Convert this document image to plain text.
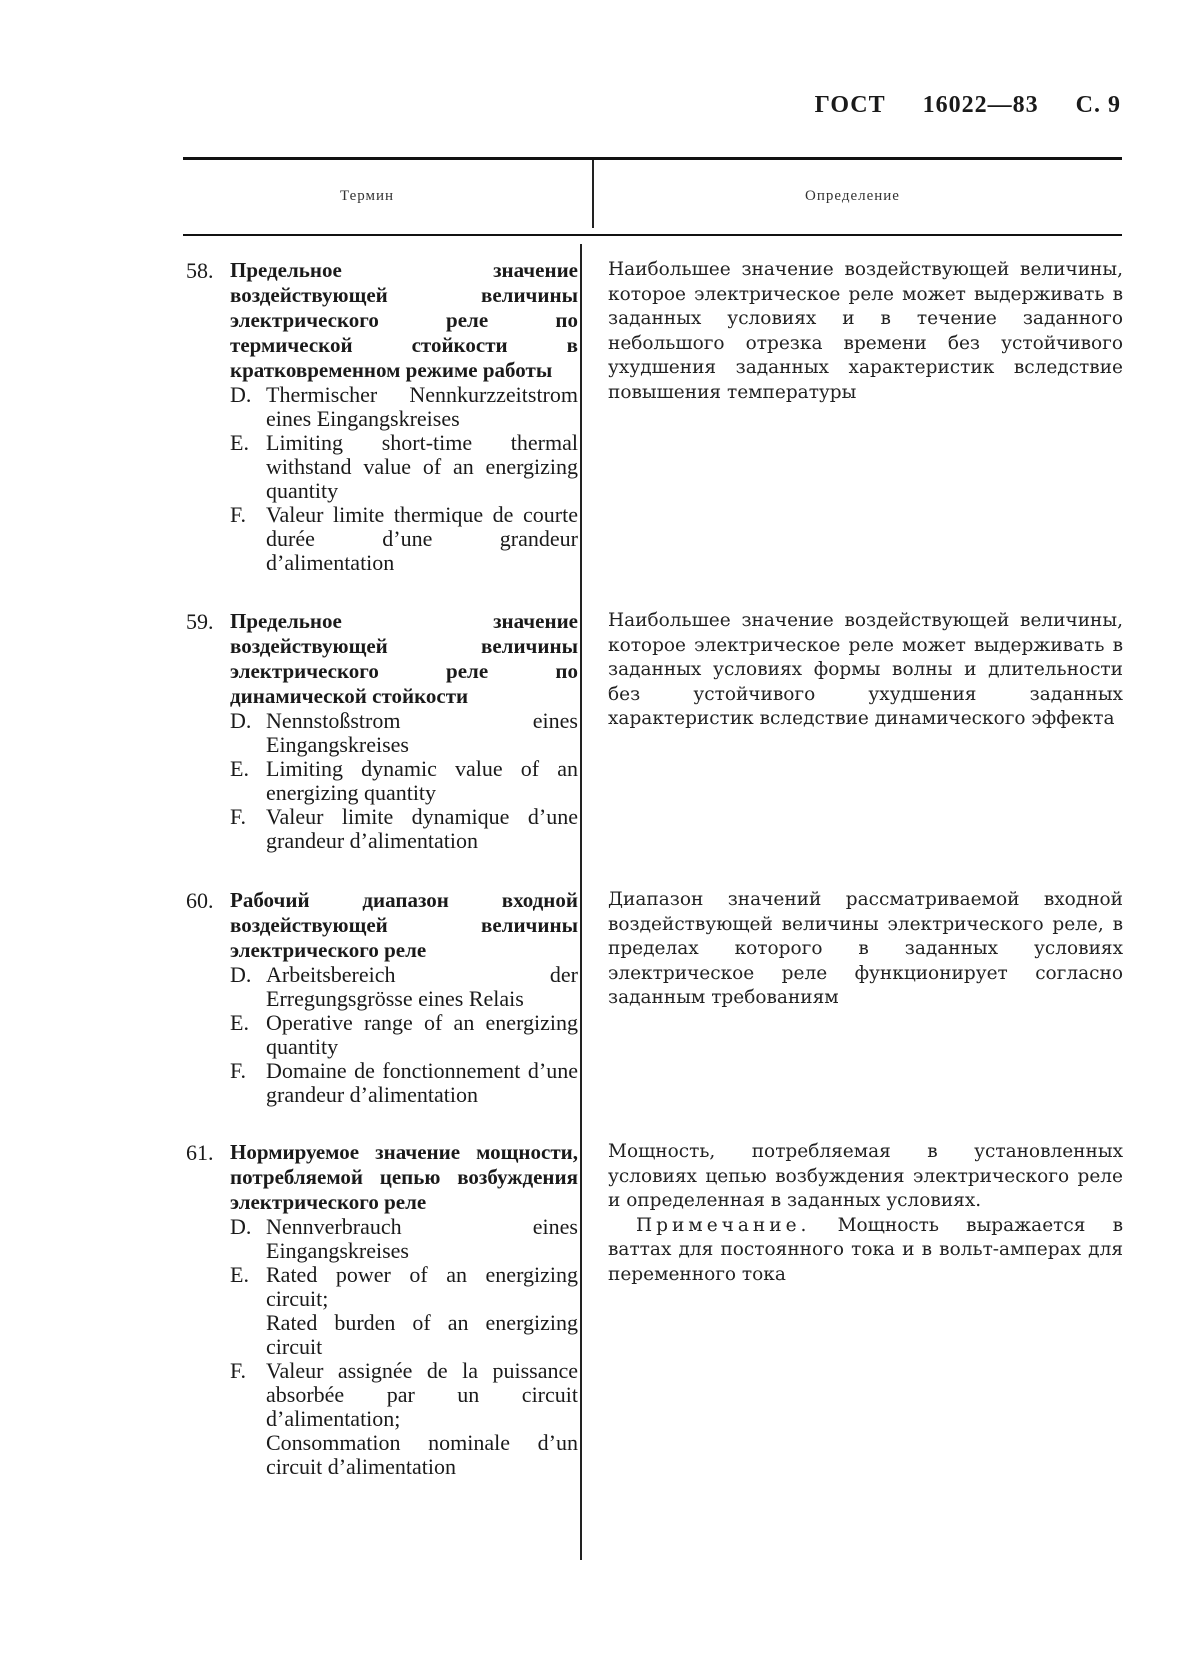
ГОСТ 16022—83 С. 9
Термин	Определение
58. Предельное значение воздействующей величины электрического реле по термической стойкости в кратковременном режиме работы
D. Thermischer Nennkurzzeitstrom eines Eingangskreises
E. Limiting short-time thermal withstand value of an energizing quantity
F. Valeur limite thermique de courte durée d’une grandeur d’alimentation
Наибольшее значение воздействующей величины, которое электрическое реле может выдерживать в заданных условиях и в течение заданного небольшого отрезка времени без устойчивого ухудшения заданных характеристик вследствие повышения температуры
59. Предельное значение воздействующей величины электрического реле по динамической стойкости
D. Nennstoßstrom eines Eingangskreises
E. Limiting dynamic value of an energizing quantity
F. Valeur limite dynamique d’une grandeur d’alimentation
Наибольшее значение воздействующей величины, которое электрическое реле может выдерживать в заданных условиях формы волны и длительности без устойчивого ухудшения заданных характеристик вследствие динамического эффекта
60. Рабочий диапазон входной воздействующей величины электрического реле
D. Arbeitsbereich der Erregungsgrösse eines Relais
E. Operative range of an energizing quantity
F. Domaine de fonctionnement d’une grandeur d’alimentation
Диапазон значений рассматриваемой входной воздействующей величины электрического реле, в пределах которого в заданных условиях электрическое реле функционирует согласно заданным требованиям
61. Нормируемое значение мощности, потребляемой цепью возбуждения электрического реле
D. Nennverbrauch eines Eingangskreises
E. Rated power of an energizing circuit;
Rated burden of an energizing circuit
F. Valeur assignée de la puissance absorbée par un circuit d’alimentation;
Consommation nominale d’un circuit d’alimentation
Мощность, потребляемая в установленных условиях цепью возбуждения электрического реле и определенная в заданных условиях.
Примечание. Мощность выражается в ваттах для постоянного тока и в вольт-амперах для переменного тока
